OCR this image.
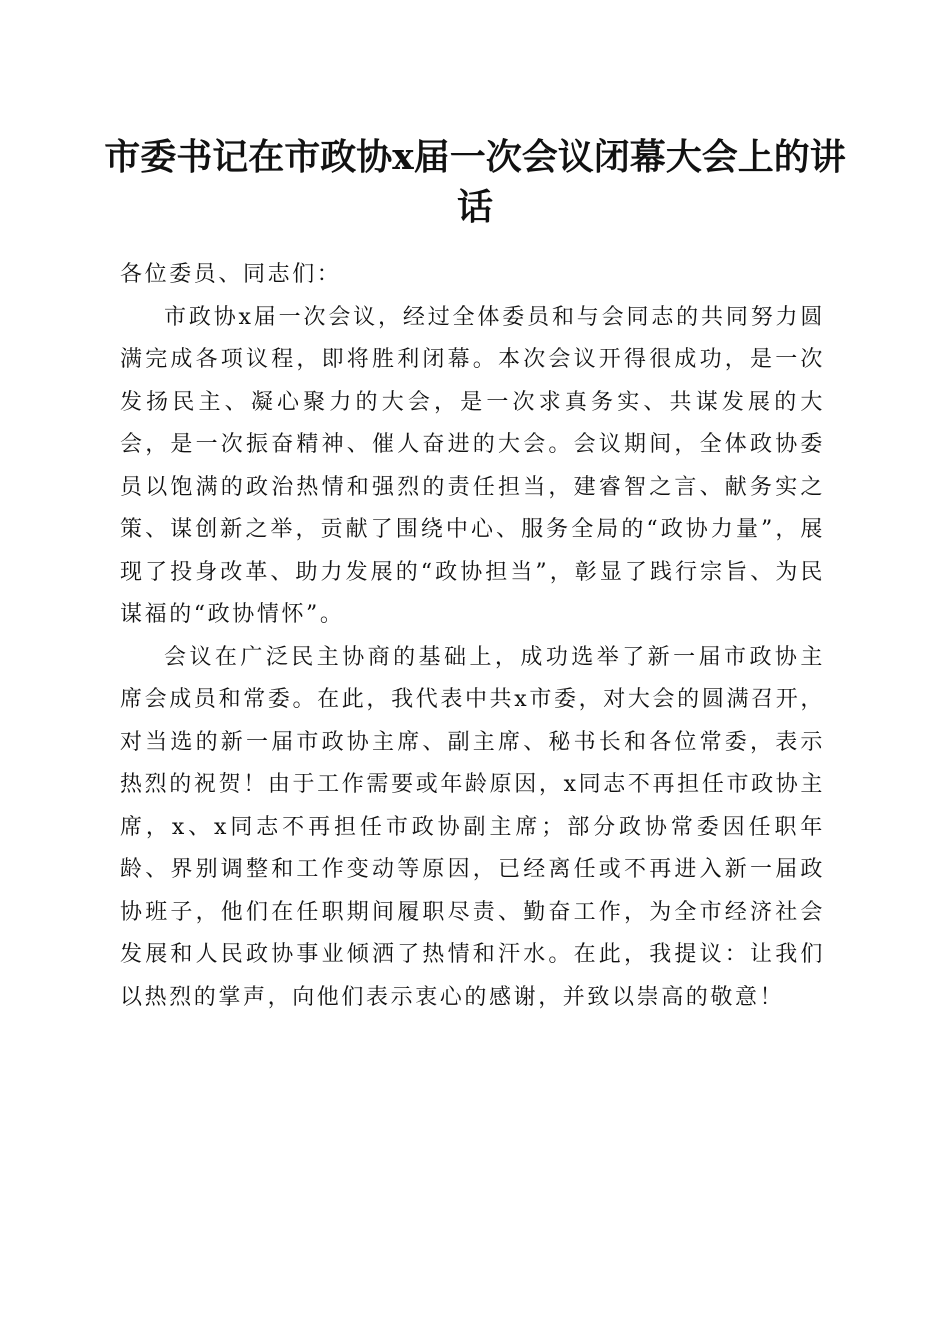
市委书记在市政协x届一次会议闭幕大会上的讲话

各位委员、同志们：

市政协x届一次会议，经过全体委员和与会同志的共同努力圆满完成各项议程，即将胜利闭幕。本次会议开得很成功，是一次发扬民主、凝心聚力的大会，是一次求真务实、共谋发展的大会，是一次振奋精神、催人奋进的大会。会议期间，全体政协委员以饱满的政治热情和强烈的责任担当，建睿智之言、献务实之策、谋创新之举，贡献了围绕中心、服务全局的“政协力量”，展现了投身改革、助力发展的“政协担当”，彰显了践行宗旨、为民谋福的“政协情怀”。

会议在广泛民主协商的基础上，成功选举了新一届市政协主席会成员和常委。在此，我代表中共x市委，对大会的圆满召开，对当选的新一届市政协主席、副主席、秘书长和各位常委，表示热烈的祝贺！由于工作需要或年龄原因，x同志不再担任市政协主席，x、x同志不再担任市政协副主席；部分政协常委因任职年龄、界别调整和工作变动等原因，已经离任或不再进入新一届政协班子，他们在任职期间履职尽责、勤奋工作，为全市经济社会发展和人民政协事业倾洒了热情和汗水。在此，我提议：让我们以热烈的掌声，向他们表示衷心的感谢，并致以崇高的敬意！
